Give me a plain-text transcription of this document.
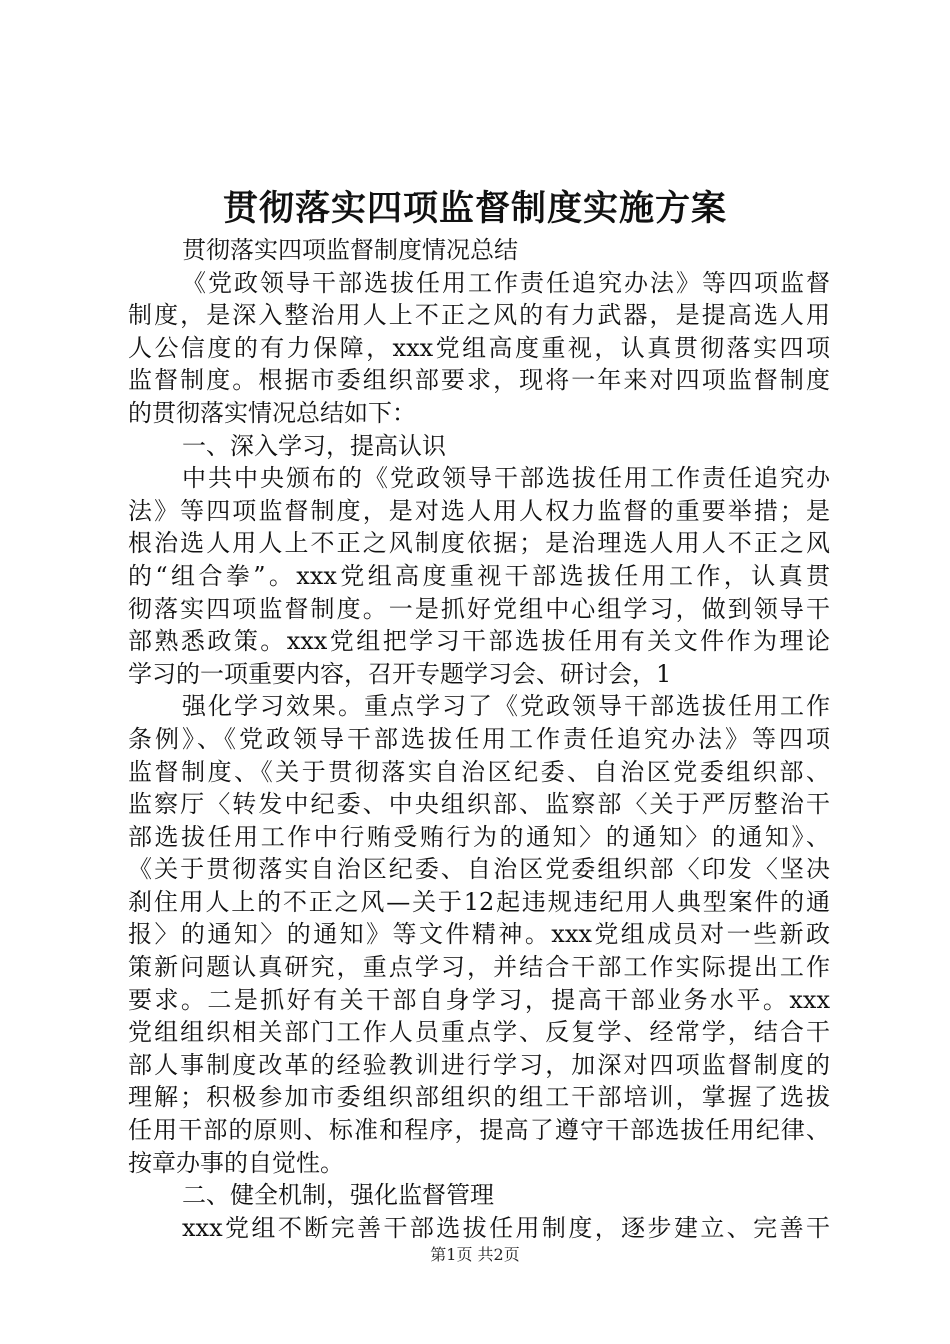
贯彻落实四项监督制度实施方案
贯彻落实四项监督制度情况总结
《党政领导干部选拔任用工作责任追究办法》等四项监督
制度，是深入整治用人上不正之风的有力武器，是提高选人用
人公信度的有力保障，xxx党组高度重视，认真贯彻落实四项
监督制度。根据市委组织部要求，现将一年来对四项监督制度
的贯彻落实情况总结如下：
一、深入学习，提高认识
中共中央颁布的《党政领导干部选拔任用工作责任追究办
法》等四项监督制度，是对选人用人权力监督的重要举措；是
根治选人用人上不正之风制度依据；是治理选人用人不正之风
的“组合拳”。xxx党组高度重视干部选拔任用工作，认真贯
彻落实四项监督制度。一是抓好党组中心组学习，做到领导干
部熟悉政策。xxx党组把学习干部选拔任用有关文件作为理论
学习的一项重要内容，召开专题学习会、研讨会，1
强化学习效果。重点学习了《党政领导干部选拔任用工作
条例》、《党政领导干部选拔任用工作责任追究办法》等四项
监督制度、《关于贯彻落实自治区纪委、自治区党委组织部、
监察厅〈转发中纪委、中央组织部、监察部〈关于严厉整治干
部选拔任用工作中行贿受贿行为的通知〉的通知〉的通知》、
《关于贯彻落实自治区纪委、自治区党委组织部〈印发〈坚决
刹住用人上的不正之风—关于12起违规违纪用人典型案件的通
报〉的通知〉的通知》等文件精神。xxx党组成员对一些新政
策新问题认真研究，重点学习，并结合干部工作实际提出工作
要求。二是抓好有关干部自身学习，提高干部业务水平。xxx
党组组织相关部门工作人员重点学、反复学、经常学，结合干
部人事制度改革的经验教训进行学习，加深对四项监督制度的
理解；积极参加市委组织部组织的组工干部培训，掌握了选拔
任用干部的原则、标准和程序，提高了遵守干部选拔任用纪律、
按章办事的自觉性。
二、健全机制，强化监督管理
xxx党组不断完善干部选拔任用制度，逐步建立、完善干
第1页 共2页
